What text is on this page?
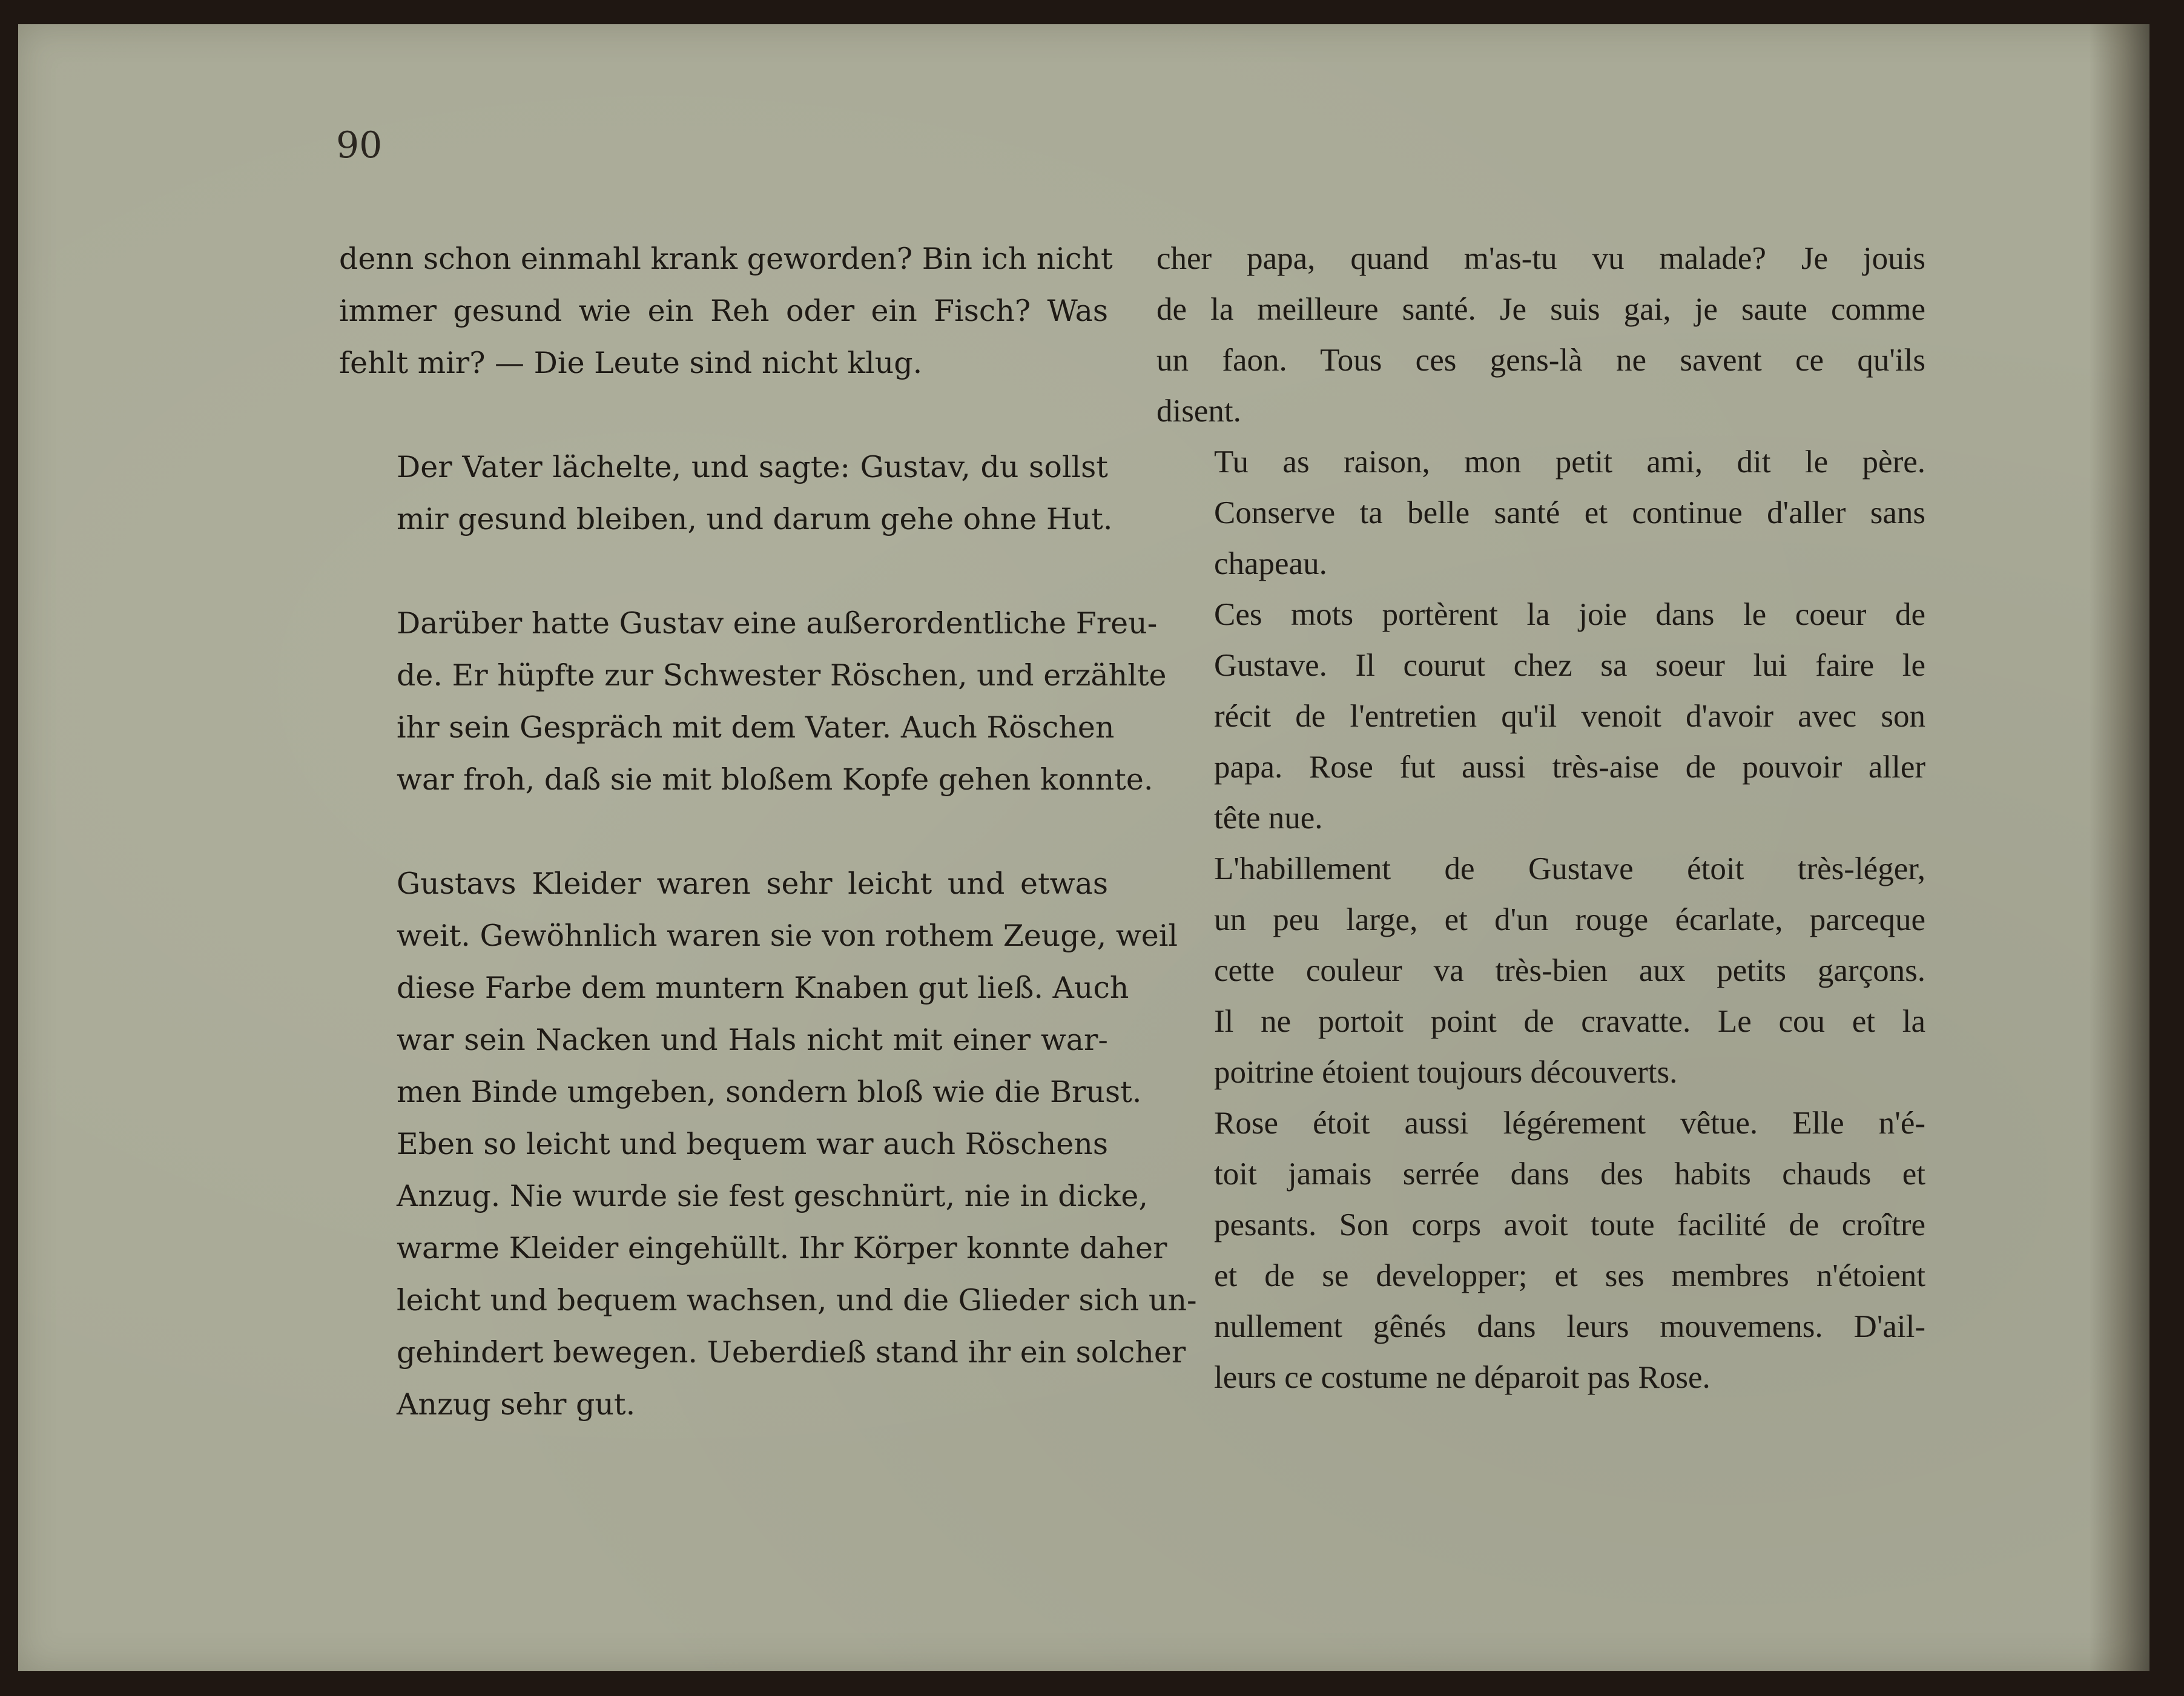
90
denn schon einmahl krank geworden? Bin ich nicht
immer gesund wie ein Reh oder ein Fisch? Was
fehlt mir? — Die Leute sind nicht klug.
Der Vater lächelte, und sagte: Gustav, du sollst
mir gesund bleiben, und darum gehe ohne Hut.
Darüber hatte Gustav eine außerordentliche Freu-
de. Er hüpfte zur Schwester Röschen, und erzählte
ihr sein Gespräch mit dem Vater. Auch Röschen
war froh, daß sie mit bloßem Kopfe gehen konnte.
Gustavs Kleider waren sehr leicht und etwas
weit. Gewöhnlich waren sie von rothem Zeuge, weil
diese Farbe dem muntern Knaben gut ließ. Auch
war sein Nacken und Hals nicht mit einer war-
men Binde umgeben, sondern bloß wie die Brust.
Eben so leicht und bequem war auch Röschens
Anzug. Nie wurde sie fest geschnürt, nie in dicke,
warme Kleider eingehüllt. Ihr Körper konnte daher
leicht und bequem wachsen, und die Glieder sich un-
gehindert bewegen. Ueberdieß stand ihr ein solcher
Anzug sehr gut.
cher papa, quand m'as-tu vu malade? Je jouis
de la meilleure santé. Je suis gai, je saute comme
un faon. Tous ces gens-là ne savent ce qu'ils
disent.
Tu as raison, mon petit ami, dit le père.
Conserve ta belle santé et continue d'aller sans
chapeau.
Ces mots portèrent la joie dans le coeur de
Gustave. Il courut chez sa soeur lui faire le
récit de l'entretien qu'il venoit d'avoir avec son
papa. Rose fut aussi très-aise de pouvoir aller
tête nue.
L'habillement de Gustave étoit très-léger,
un peu large, et d'un rouge écarlate, parceque
cette couleur va très-bien aux petits garçons.
Il ne portoit point de cravatte. Le cou et la
poitrine étoient toujours découverts.
Rose étoit aussi légérement vêtue. Elle n'é-
toit jamais serrée dans des habits chauds et
pesants. Son corps avoit toute facilité de croître
et de se developper; et ses membres n'étoient
nullement gênés dans leurs mouvemens. D'ail-
leurs ce costume ne déparoit pas Rose.
